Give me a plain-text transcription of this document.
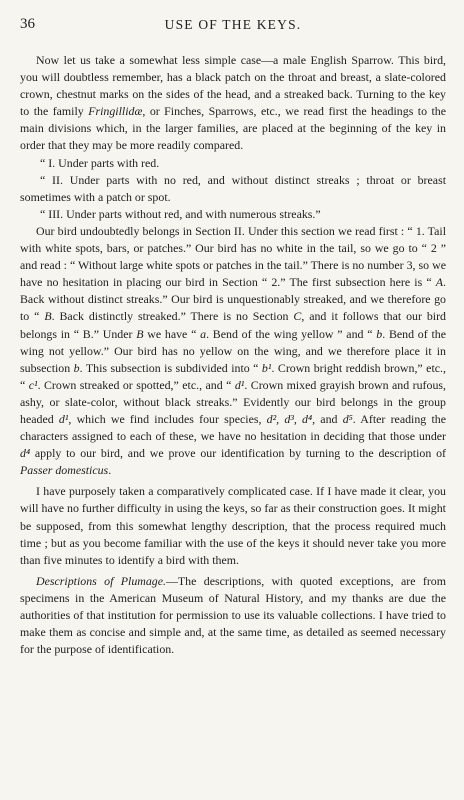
36	USE OF THE KEYS.

Now let us take a somewhat less simple case—a male English Sparrow. This bird, you will doubtless remember, has a black patch on the throat and breast, a slate-colored crown, chestnut marks on the sides of the head, and a streaked back. Turning to the key to the family Fringillidæ, or Finches, Sparrows, etc., we read first the headings to the main divisions which, in the larger families, are placed at the beginning of the key in order that they may be more readily compared.

“ I. Under parts with red.

“ II. Under parts with no red, and without distinct streaks ; throat or breast sometimes with a patch or spot.

“ III. Under parts without red, and with numerous streaks.”

Our bird undoubtedly belongs in Section II. Under this section we read first : “ 1. Tail with white spots, bars, or patches.” Our bird has no white in the tail, so we go to “ 2 ” and read : “ Without large white spots or patches in the tail.” There is no number 3, so we have no hesitation in placing our bird in Section “ 2.” The first subsection here is “ A. Back without distinct streaks.” Our bird is unquestionably streaked, and we therefore go to “ B. Back distinctly streaked.” There is no Section C, and it follows that our bird belongs in “ B.” Under B we have “ a. Bend of the wing yellow ” and “ b. Bend of the wing not yellow.” Our bird has no yellow on the wing, and we therefore place it in subsection b. This subsection is subdivided into “ b¹. Crown bright reddish brown,” etc., “ c¹. Crown streaked or spotted,” etc., and “ d¹. Crown mixed grayish brown and rufous, ashy, or slate-color, without black streaks.” Evidently our bird belongs in the group headed d¹, which we find includes four species, d², d³, d⁴, and d⁵. After reading the characters assigned to each of these, we have no hesitation in deciding that those under d⁴ apply to our bird, and we prove our identification by turning to the description of Passer domesticus.

I have purposely taken a comparatively complicated case. If I have made it clear, you will have no further difficulty in using the keys, so far as their construction goes. It might be supposed, from this somewhat lengthy description, that the process required much time ; but as you become familiar with the use of the keys it should never take you more than five minutes to identify a bird with them.

Descriptions of Plumage.—The descriptions, with quoted exceptions, are from specimens in the American Museum of Natural History, and my thanks are due the authorities of that institution for permission to use its valuable collections. I have tried to make them as concise and simple and, at the same time, as detailed as seemed necessary for the purpose of identification.
